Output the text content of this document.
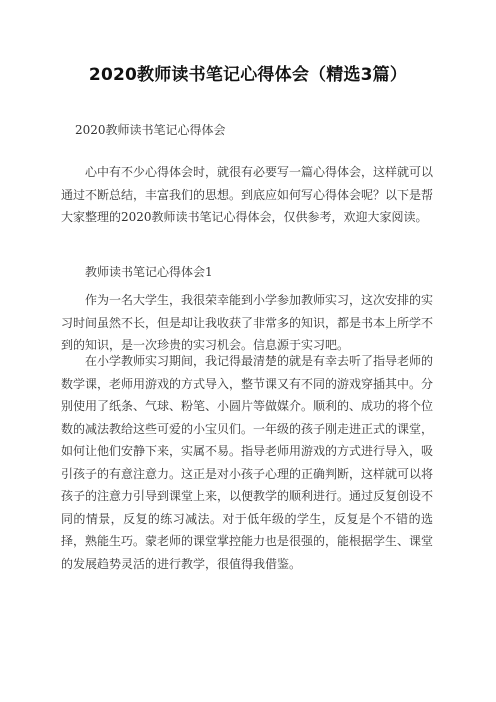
2020教师读书笔记心得体会（精选3篇）
2020教师读书笔记心得体会

心中有不少心得体会时，就很有必要写一篇心得体会，这样就可以通过不断总结，丰富我们的思想。到底应如何写心得体会呢？以下是帮大家整理的2020教师读书笔记心得体会，仅供参考，欢迎大家阅读。

教师读书笔记心得体会1

作为一名大学生，我很荣幸能到小学参加教师实习，这次安排的实习时间虽然不长，但是却让我收获了非常多的知识，都是书本上所学不到的知识，是一次珍贵的实习机会。信息源于实习吧。

在小学教师实习期间，我记得最清楚的就是有幸去听了指导老师的数学课，老师用游戏的方式导入，整节课又有不同的游戏穿插其中。分别使用了纸条、气球、粉笔、小圆片等做媒介。顺利的、成功的将个位数的减法教给这些可爱的小宝贝们。一年级的孩子刚走进正式的课堂，如何让他们安静下来，实属不易。指导老师用游戏的方式进行导入，吸引孩子的有意注意力。这正是对小孩子心理的正确判断，这样就可以将孩子的注意力引导到课堂上来，以便教学的顺利进行。通过反复创设不同的情景，反复的练习减法。对于低年级的学生，反复是个不错的选择，熟能生巧。蒙老师的课堂掌控能力也是很强的，能根据学生、课堂的发展趋势灵活的进行教学，很值得我借鉴。
